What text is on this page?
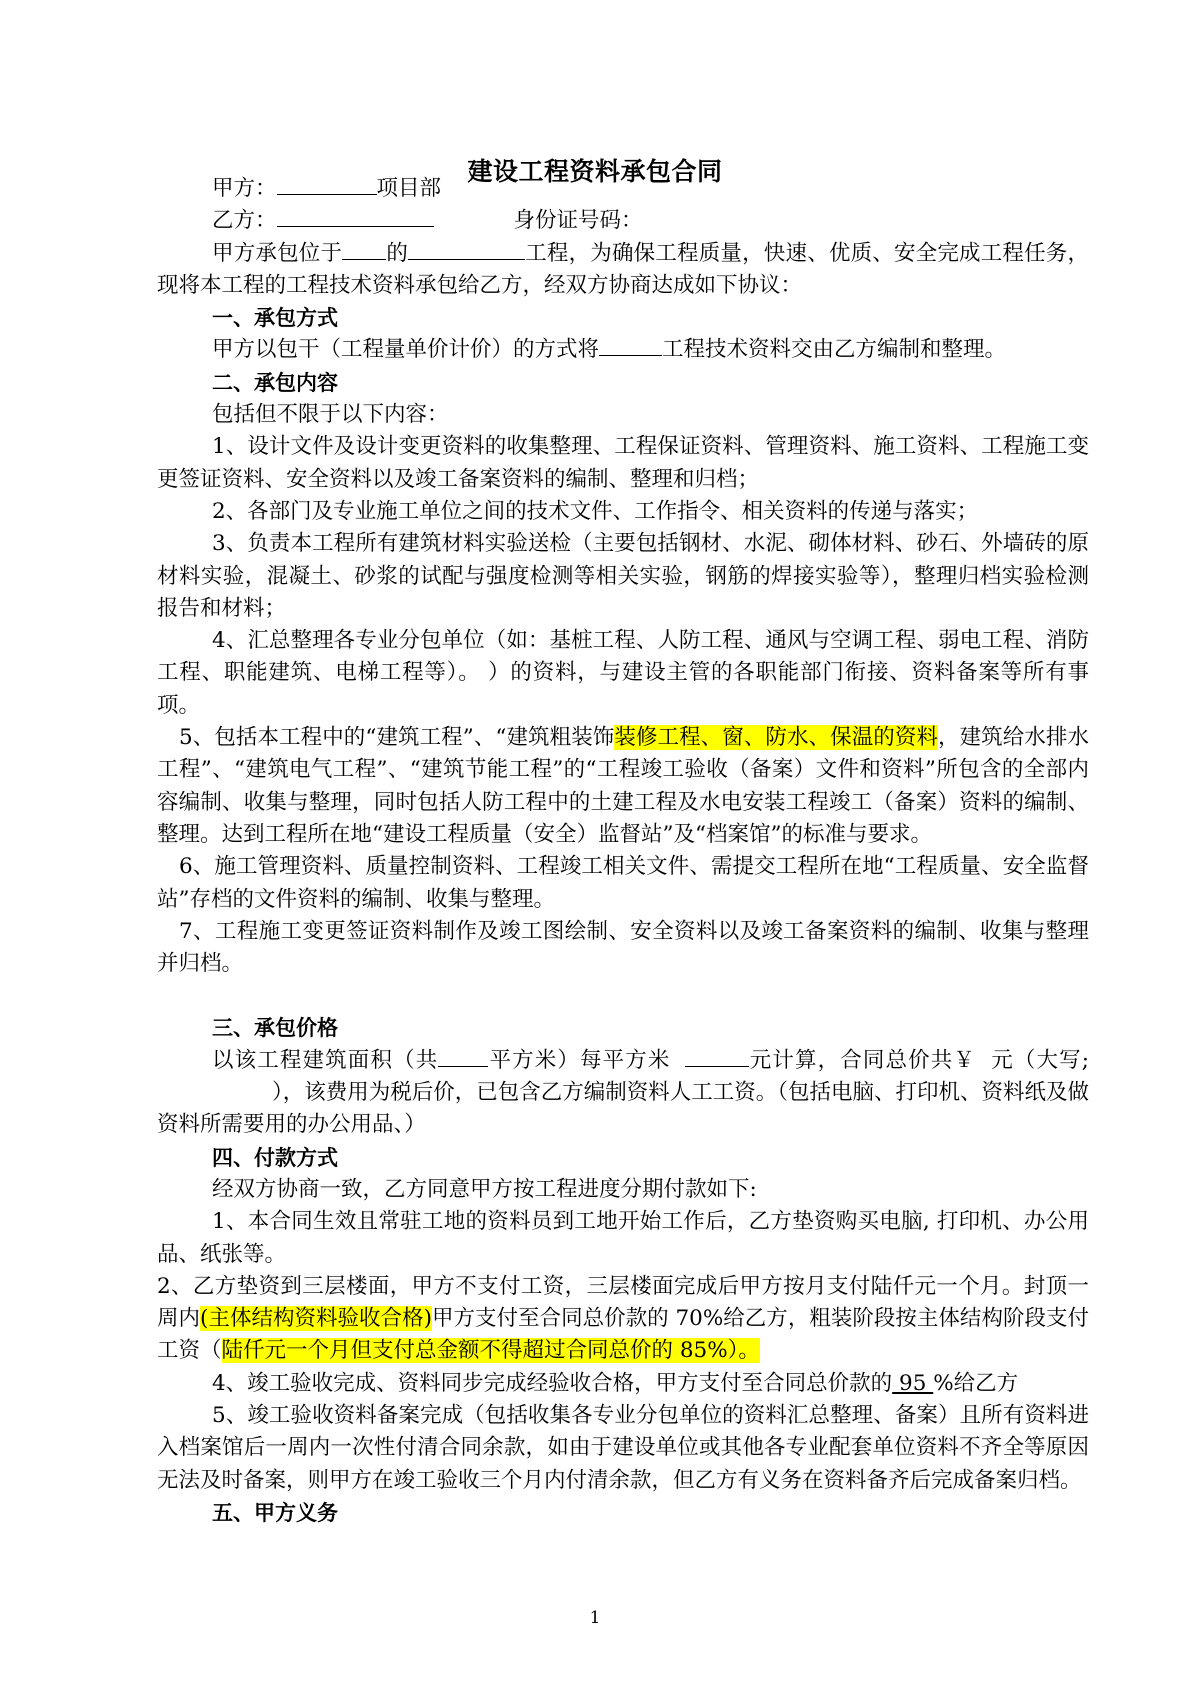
建设工程资料承包合同

甲方：	项目部

乙方：	身份证号码：

甲方承包位于 的	工程，为确保工程质量，快速、优质、安全完成工程任务，现将本工程的工程技术资料承包给乙方，经双方协商达成如下协议：

一、承包方式

甲方以包干（工程量单价计价）的方式将	工程技术资料交由乙方编制和整理。

二、承包内容

包括但不限于以下内容：

1、设计文件及设计变更资料的收集整理、工程保证资料、管理资料、施工资料、工程施工变更签证资料、安全资料以及竣工备案资料的编制、整理和归档；

2、各部门及专业施工单位之间的技术文件、工作指令、相关资料的传递与落实；

3、负责本工程所有建筑材料实验送检（主要包括钢材、水泥、砌体材料、砂石、外墙砖的原材料实验，混凝土、砂浆的试配与强度检测等相关实验，钢筋的焊接实验等），整理归档实验检测报告和材料；

4、汇总整理各专业分包单位（如：基桩工程、人防工程、通风与空调工程、弱电工程、消防工程、职能建筑、电梯工程等）。 ）的资料，与建设主管的各职能部门衔接、资料备案等所有事项。

5、包括本工程中的“建筑工程”、“建筑粗装饰装修工程、窗、防水、保温的资料，建筑给水排水工程”、“建筑电气工程”、“建筑节能工程”的“工程竣工验收（备案）文件和资料”所包含的全部内容编制、收集与整理，同时包括人防工程中的土建工程及水电安装工程竣工（备案）资料的编制、整理。达到工程所在地“建设工程质量（安全）监督站”及“档案馆”的标准与要求。

6、施工管理资料、质量控制资料、工程竣工相关文件、需提交工程所在地“工程质量、安全监督站”存档的文件资料的编制、收集与整理。

7、工程施工变更签证资料制作及竣工图绘制、安全资料以及竣工备案资料的编制、收集与整理并归档。

三、承包价格

以该工程建筑面积（共 平方米）每平方米	元计算，合同总价共￥ 元（大写;），该费用为税后价，已包含乙方编制资料人工工资。（包括电脑、打印机、资料纸及做资料所需要用的办公用品、）

四、付款方式

经双方协商一致，乙方同意甲方按工程进度分期付款如下:

1、本合同生效且常驻工地的资料员到工地开始工作后，乙方垫资购买电脑, 打印机、办公用品、纸张等。

2、乙方垫资到三层楼面，甲方不支付工资，三层楼面完成后甲方按月支付陆仟元一个月。封顶一周内(主体结构资料验收合格)甲方支付至合同总价款的 70%给乙方，粗装阶段按主体结构阶段支付工资（陆仟元一个月但支付总金额不得超过合同总价的 85%）。

4、竣工验收完成、资料同步完成经验收合格，甲方支付至合同总价款的 95 %给乙方

5、竣工验收资料备案完成（包括收集各专业分包单位的资料汇总整理、备案）且所有资料进入档案馆后一周内一次性付清合同余款，如由于建设单位或其他各专业配套单位资料不齐全等原因无法及时备案，则甲方在竣工验收三个月内付清余款，但乙方有义务在资料备齐后完成备案归档。

五、甲方义务

1
